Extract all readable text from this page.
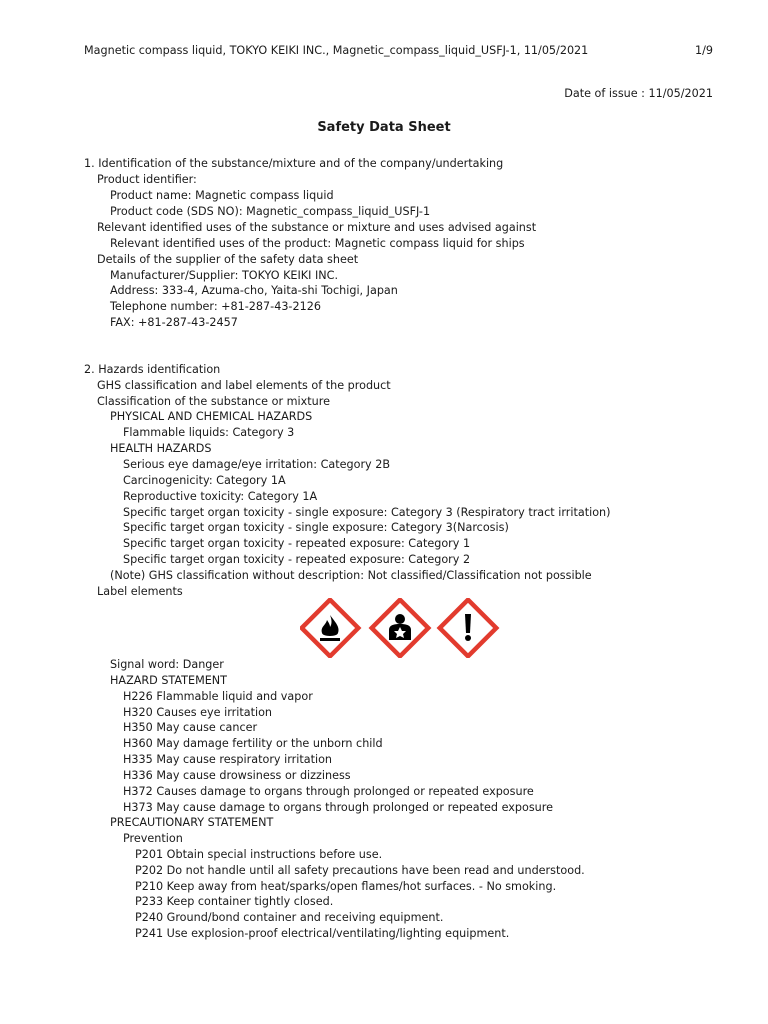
Magnetic compass liquid, TOKYO KEIKI INC., Magnetic_compass_liquid_USFJ-1, 11/05/2021	1/9
Date of issue : 11/05/2021
Safety Data Sheet
1. Identification of the substance/mixture and of the company/undertaking
Product identifier:
Product name: Magnetic compass liquid
Product code (SDS NO): Magnetic_compass_liquid_USFJ-1
Relevant identified uses of the substance or mixture and uses advised against
Relevant identified uses of the product: Magnetic compass liquid for ships
Details of the supplier of the safety data sheet
Manufacturer/Supplier: TOKYO KEIKI INC.
Address: 333-4, Azuma-cho, Yaita-shi Tochigi, Japan
Telephone number: +81-287-43-2126
FAX: +81-287-43-2457
2. Hazards identification
GHS classification and label elements of the product
Classification of the substance or mixture
PHYSICAL AND CHEMICAL HAZARDS
Flammable liquids: Category 3
HEALTH HAZARDS
Serious eye damage/eye irritation: Category 2B
Carcinogenicity: Category 1A
Reproductive toxicity: Category 1A
Specific target organ toxicity - single exposure: Category 3 (Respiratory tract irritation)
Specific target organ toxicity - single exposure: Category 3(Narcosis)
Specific target organ toxicity - repeated exposure: Category 1
Specific target organ toxicity - repeated exposure: Category 2
(Note) GHS classification without description: Not classified/Classification not possible
Label elements
Signal word: Danger
HAZARD STATEMENT
H226 Flammable liquid and vapor
H320 Causes eye irritation
H350 May cause cancer
H360 May damage fertility or the unborn child
H335 May cause respiratory irritation
H336 May cause drowsiness or dizziness
H372 Causes damage to organs through prolonged or repeated exposure
H373 May cause damage to organs through prolonged or repeated exposure
PRECAUTIONARY STATEMENT
Prevention
P201 Obtain special instructions before use.
P202 Do not handle until all safety precautions have been read and understood.
P210 Keep away from heat/sparks/open flames/hot surfaces. - No smoking.
P233 Keep container tightly closed.
P240 Ground/bond container and receiving equipment.
P241 Use explosion-proof electrical/ventilating/lighting equipment.
